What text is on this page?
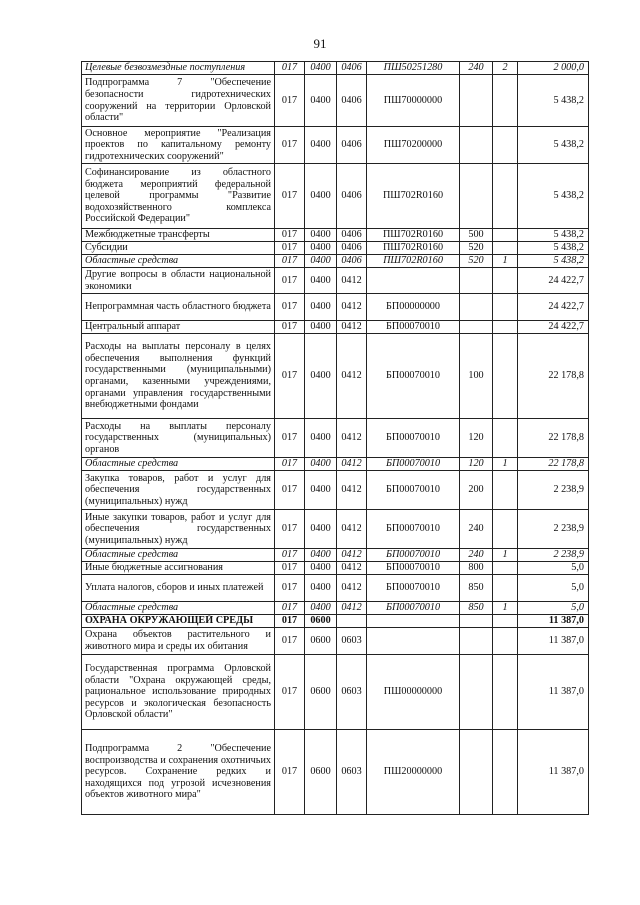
91
Целевые безвозмездные поступления	017	0400	0406	ПШ50251280	240	2	2 000,0
Подпрограмма 7 "Обеспечение безопасности гидротехнических сооружений на территории Орловской области"	017	0400	0406	ПШ70000000			5 438,2
Основное мероприятие "Реализация проектов по капитальному ремонту гидротехнических сооружений"	017	0400	0406	ПШ70200000			5 438,2
Софинансирование из областного бюджета мероприятий федеральной целевой программы "Развитие водохозяйственного комплекса Российской Федерации"	017	0400	0406	ПШ702R0160			5 438,2
Межбюджетные трансферты	017	0400	0406	ПШ702R0160	500		5 438,2
Субсидии	017	0400	0406	ПШ702R0160	520		5 438,2
Областные средства	017	0400	0406	ПШ702R0160	520	1	5 438,2
Другие вопросы в области национальной экономики	017	0400	0412				24 422,7
Непрограммная часть областного бюджета	017	0400	0412	БП00000000			24 422,7
Центральный аппарат	017	0400	0412	БП00070010			24 422,7
Расходы на выплаты персоналу в целях обеспечения выполнения функций государственными (муниципальными) органами, казенными учреждениями, органами управления государственными внебюджетными фондами	017	0400	0412	БП00070010	100		22 178,8
Расходы на выплаты персоналу государственных (муниципальных) органов	017	0400	0412	БП00070010	120		22 178,8
Областные средства	017	0400	0412	БП00070010	120	1	22 178,8
Закупка товаров, работ и услуг для обеспечения государственных (муниципальных) нужд	017	0400	0412	БП00070010	200		2 238,9
Иные закупки товаров, работ и услуг для обеспечения государственных (муниципальных) нужд	017	0400	0412	БП00070010	240		2 238,9
Областные средства	017	0400	0412	БП00070010	240	1	2 238,9
Иные бюджетные ассигнования	017	0400	0412	БП00070010	800		5,0
Уплата налогов, сборов и иных платежей	017	0400	0412	БП00070010	850		5,0
Областные средства	017	0400	0412	БП00070010	850	1	5,0
ОХРАНА ОКРУЖАЮЩЕЙ СРЕДЫ	017	0600					11 387,0
Охрана объектов растительного и животного мира и среды их обитания	017	0600	0603				11 387,0
Государственная программа Орловской области "Охрана окружающей среды, рациональное использование природных ресурсов и экологическая безопасность Орловской области"	017	0600	0603	ПШ00000000			11 387,0
Подпрограмма 2 "Обеспечение воспроизводства и сохранения охотничьих ресурсов. Сохранение редких и находящихся под угрозой исчезновения объектов животного мира"	017	0600	0603	ПШ20000000			11 387,0
